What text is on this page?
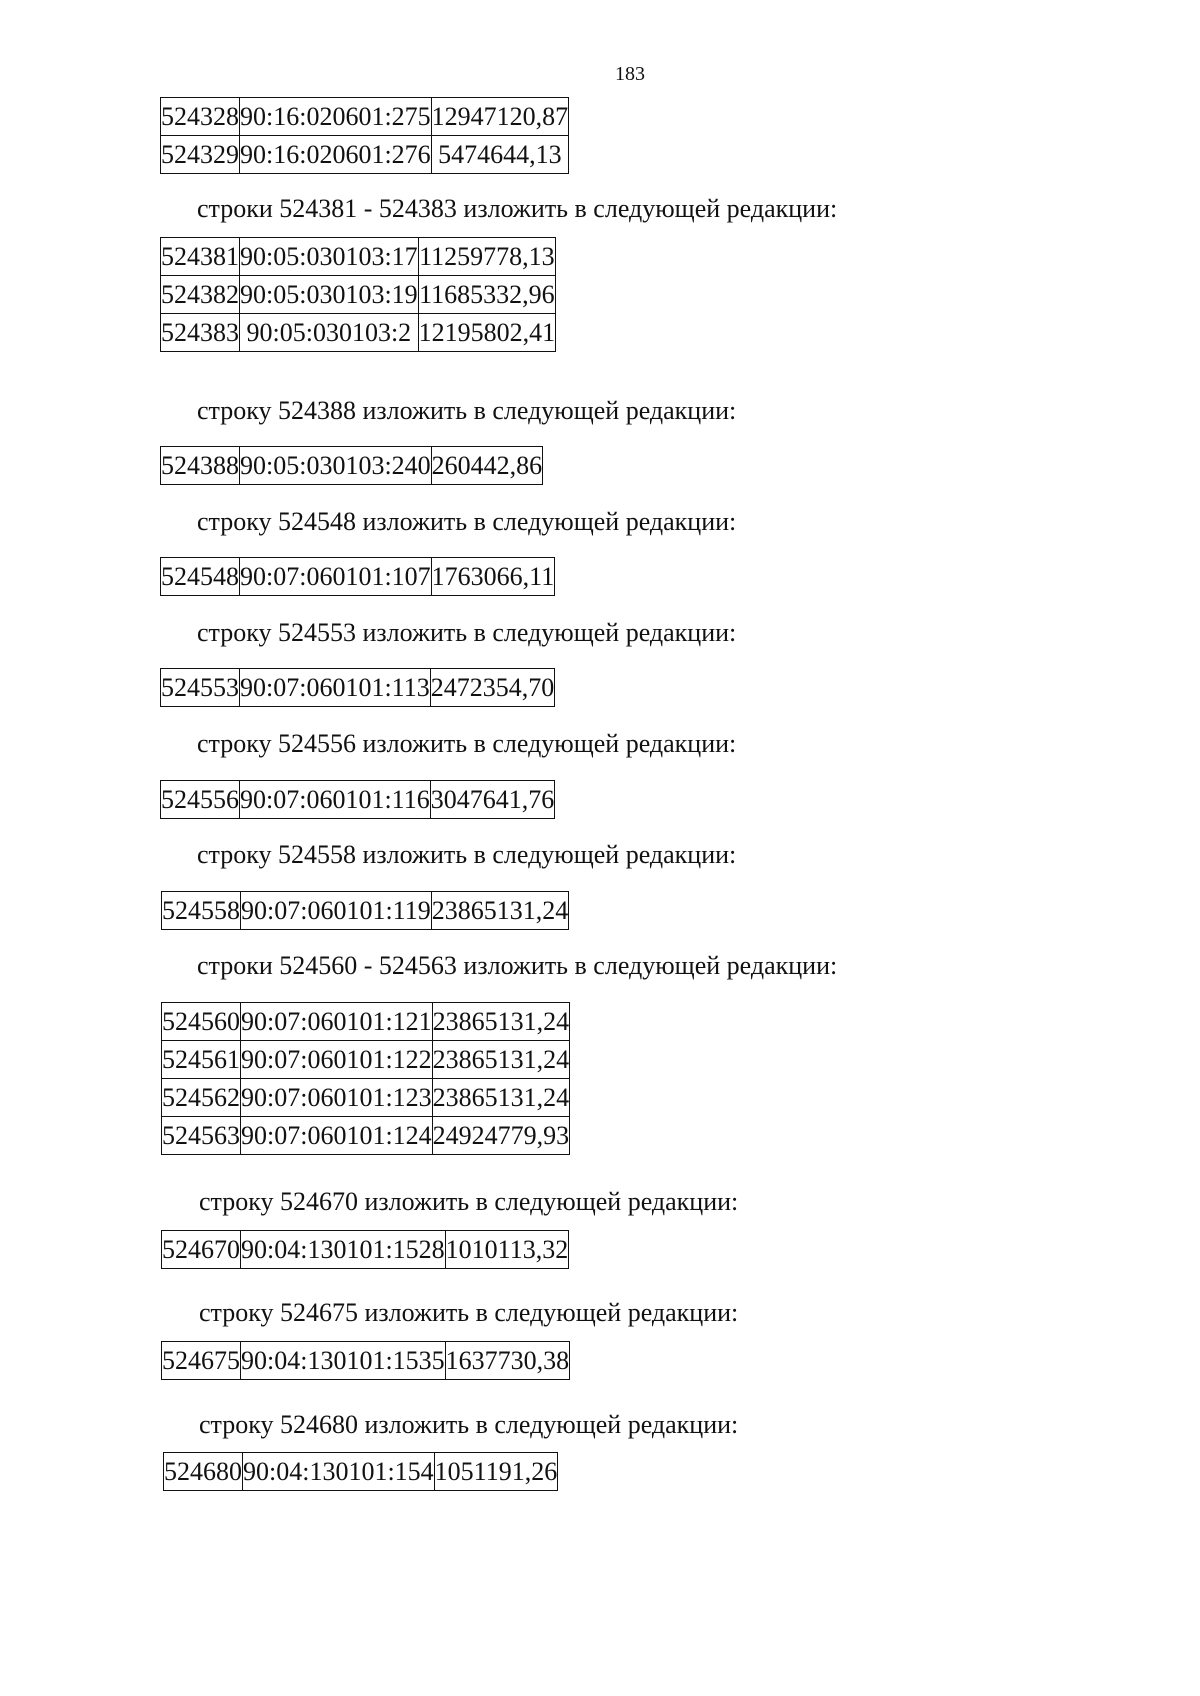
183
524328	90:16:020601:275	12947120,87
524329	90:16:020601:276	5474644,13
строки 524381 - 524383 изложить в следующей редакции:
524381	90:05:030103:17	11259778,13
524382	90:05:030103:19	11685332,96
524383	90:05:030103:2	12195802,41
строку 524388 изложить в следующей редакции:
524388	90:05:030103:240	260442,86
строку 524548 изложить в следующей редакции:
524548	90:07:060101:107	1763066,11
строку 524553 изложить в следующей редакции:
524553	90:07:060101:113	2472354,70
строку 524556 изложить в следующей редакции:
524556	90:07:060101:116	3047641,76
строку 524558 изложить в следующей редакции:
524558	90:07:060101:119	23865131,24
строки 524560 - 524563 изложить в следующей редакции:
524560	90:07:060101:121	23865131,24
524561	90:07:060101:122	23865131,24
524562	90:07:060101:123	23865131,24
524563	90:07:060101:124	24924779,93
строку 524670 изложить в следующей редакции:
524670	90:04:130101:1528	1010113,32
строку 524675 изложить в следующей редакции:
524675	90:04:130101:1535	1637730,38
строку 524680 изложить в следующей редакции:
524680	90:04:130101:154	1051191,26
